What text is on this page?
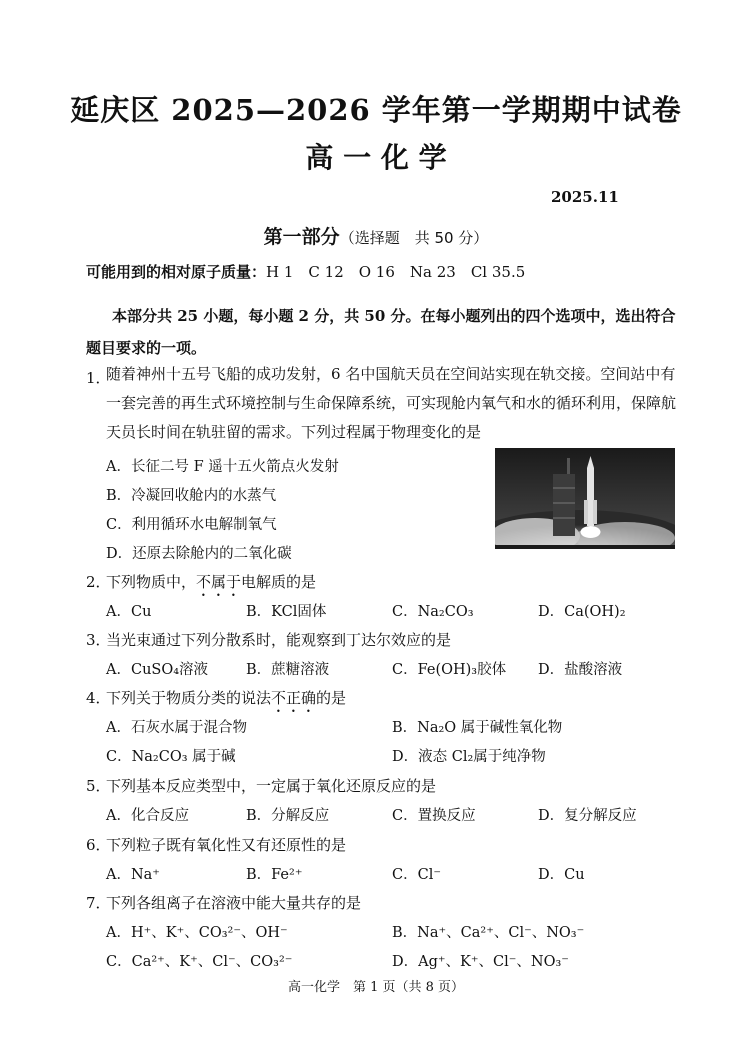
延庆区 2025—2026 学年第一学期期中试卷
高 一 化 学
2025.11
第一部分（选择题　共 50 分）
可能用到的相对原子质量：H 1　C 12　O 16　Na 23　Cl 35.5
本部分共 25 小题，每小题 2 分，共 50 分。在每小题列出的四个选项中，选出符合题目要求的一项。
1．
随着神州十五号飞船的成功发射，6 名中国航天员在空间站实现在轨交接。空间站中有一套完善的再生式环境控制与生命保障系统，可实现舱内氧气和水的循环利用，保障航天员长时间在轨驻留的需求。下列过程属于物理变化的是
A．长征二号 F 遥十五火箭点火发射
B．冷凝回收舱内的水蒸气
C．利用循环水电解制氧气
D．还原去除舱内的二氧化碳
2．
下列物质中，不属于电解质的是
A．Cu	B．KCl固体	C．Na₂CO₃	D．Ca(OH)₂
3．
当光束通过下列分散系时，能观察到丁达尔效应的是
A．CuSO₄溶液	B．蔗糖溶液	C．Fe(OH)₃胶体 D．盐酸溶液
4．
下列关于物质分类的说法不正确的是
A．石灰水属于混合物	B．Na₂O 属于碱性氧化物
C．Na₂CO₃ 属于碱	D．液态 Cl₂属于纯净物
5．
下列基本反应类型中，一定属于氧化还原反应的是
A．化合反应	B．分解反应	C．置换反应	D．复分解反应
6．
下列粒子既有氧化性又有还原性的是
A．Na⁺	B．Fe²⁺	C．Cl⁻	D．Cu
7．
下列各组离子在溶液中能大量共存的是
A．H⁺、K⁺、CO₃²⁻、OH⁻	B．Na⁺、Ca²⁺、Cl⁻、NO₃⁻
C．Ca²⁺、K⁺、Cl⁻、CO₃²⁻	D．Ag⁺、K⁺、Cl⁻、NO₃⁻
高一化学　第 1 页（共 8 页）
